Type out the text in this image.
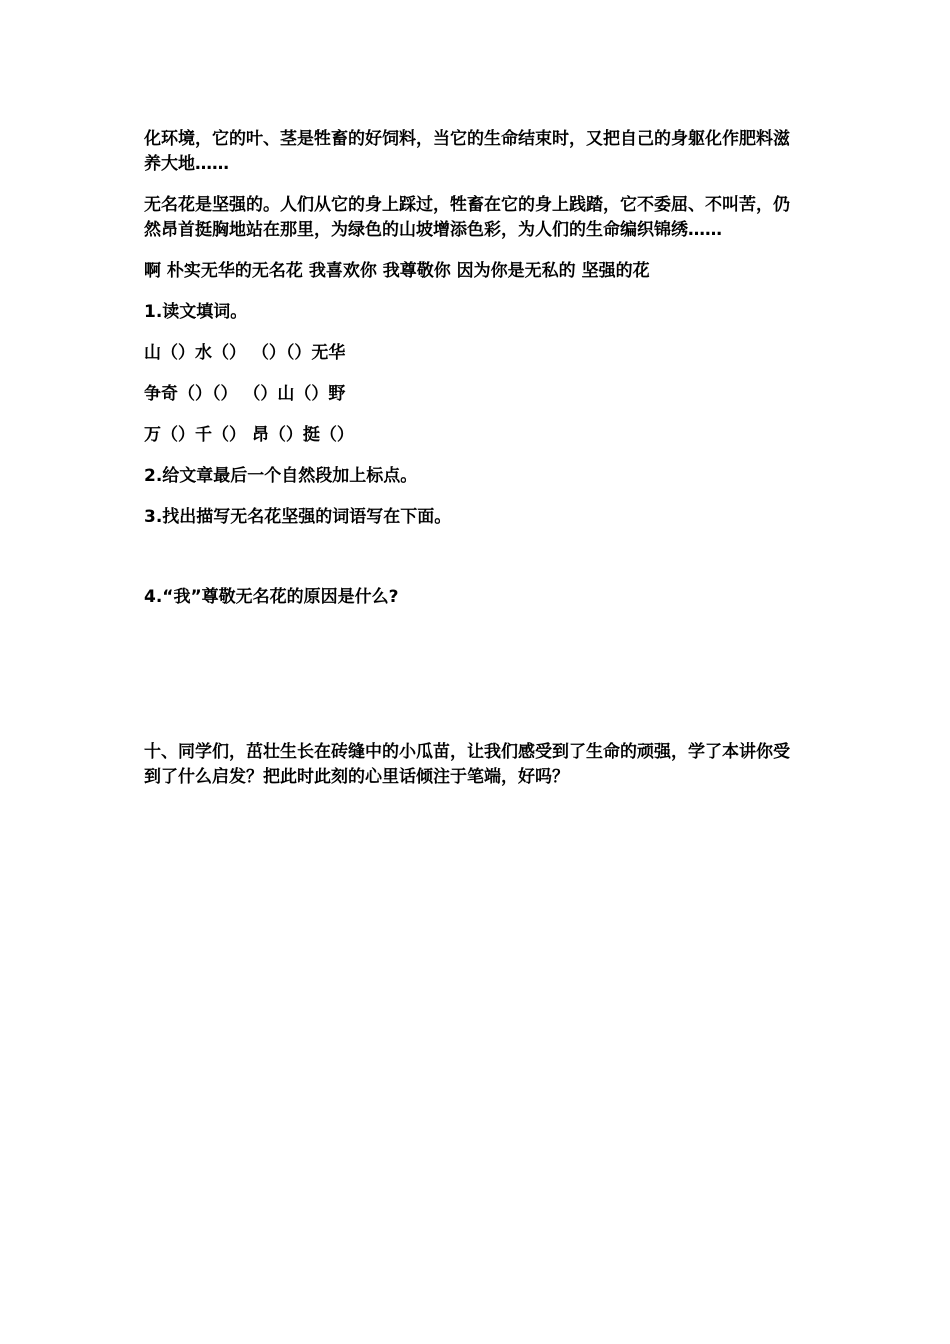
化环境，它的叶、茎是牲畜的好饲料，当它的生命结束时，又把自己的身躯化作肥料滋养大地……

无名花是坚强的。人们从它的身上踩过，牲畜在它的身上践踏，它不委屈、不叫苦，仍然昂首挺胸地站在那里，为绿色的山坡增添色彩，为人们的生命编织锦绣……

啊 朴实无华的无名花 我喜欢你 我尊敬你 因为你是无私的 坚强的花

1.读文填词。

山（）水（） （）（）无华

争奇（）（） （）山（）野

万（）千（） 昂（）挺（）

2.给文章最后一个自然段加上标点。

3.找出描写无名花坚强的词语写在下面。

4.“我”尊敬无名花的原因是什么?

十、同学们，茁壮生长在砖缝中的小瓜苗，让我们感受到了生命的顽强，学了本讲你受到了什么启发？把此时此刻的心里话倾注于笔端，好吗？
